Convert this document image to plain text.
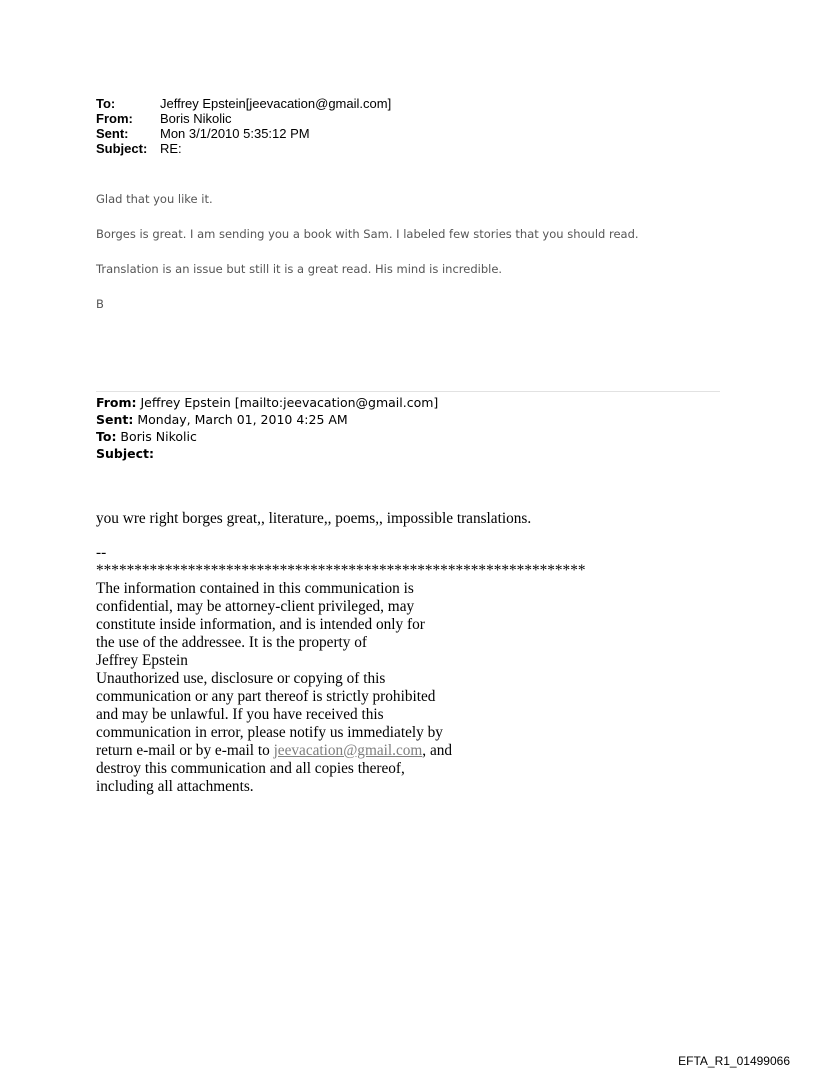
To:	Jeffrey Epstein[jeevacation@gmail.com]
From:	Boris Nikolic
Sent:	Mon 3/1/2010 5:35:12 PM
Subject: RE:

Glad that you like it.

Borges is great. I am sending you a book with Sam. I labeled few stories that you should read.

Translation is an issue but still it is a great read. His mind is incredible.

B

From: Jeffrey Epstein [mailto:jeevacation@gmail.com]
Sent: Monday, March 01, 2010 4:25 AM
To: Boris Nikolic
Subject:

you wre right borges great,, literature,, poems,, impossible translations.

--
****************************************************************

The information contained in this communication is

confidential, may be attorney-client privileged, may

constitute inside information, and is intended only for

the use of the addressee. It is the property of

Jeffrey Epstein

Unauthorized use, disclosure or copying of this

communication or any part thereof is strictly prohibited

and may be unlawful. If you have received this

communication in error, please notify us immediately by

return e-mail or by e-mail to jeevacation@gmail.com, and

destroy this communication and all copies thereof,

including all attachments.

EFTA_R1_01499066
